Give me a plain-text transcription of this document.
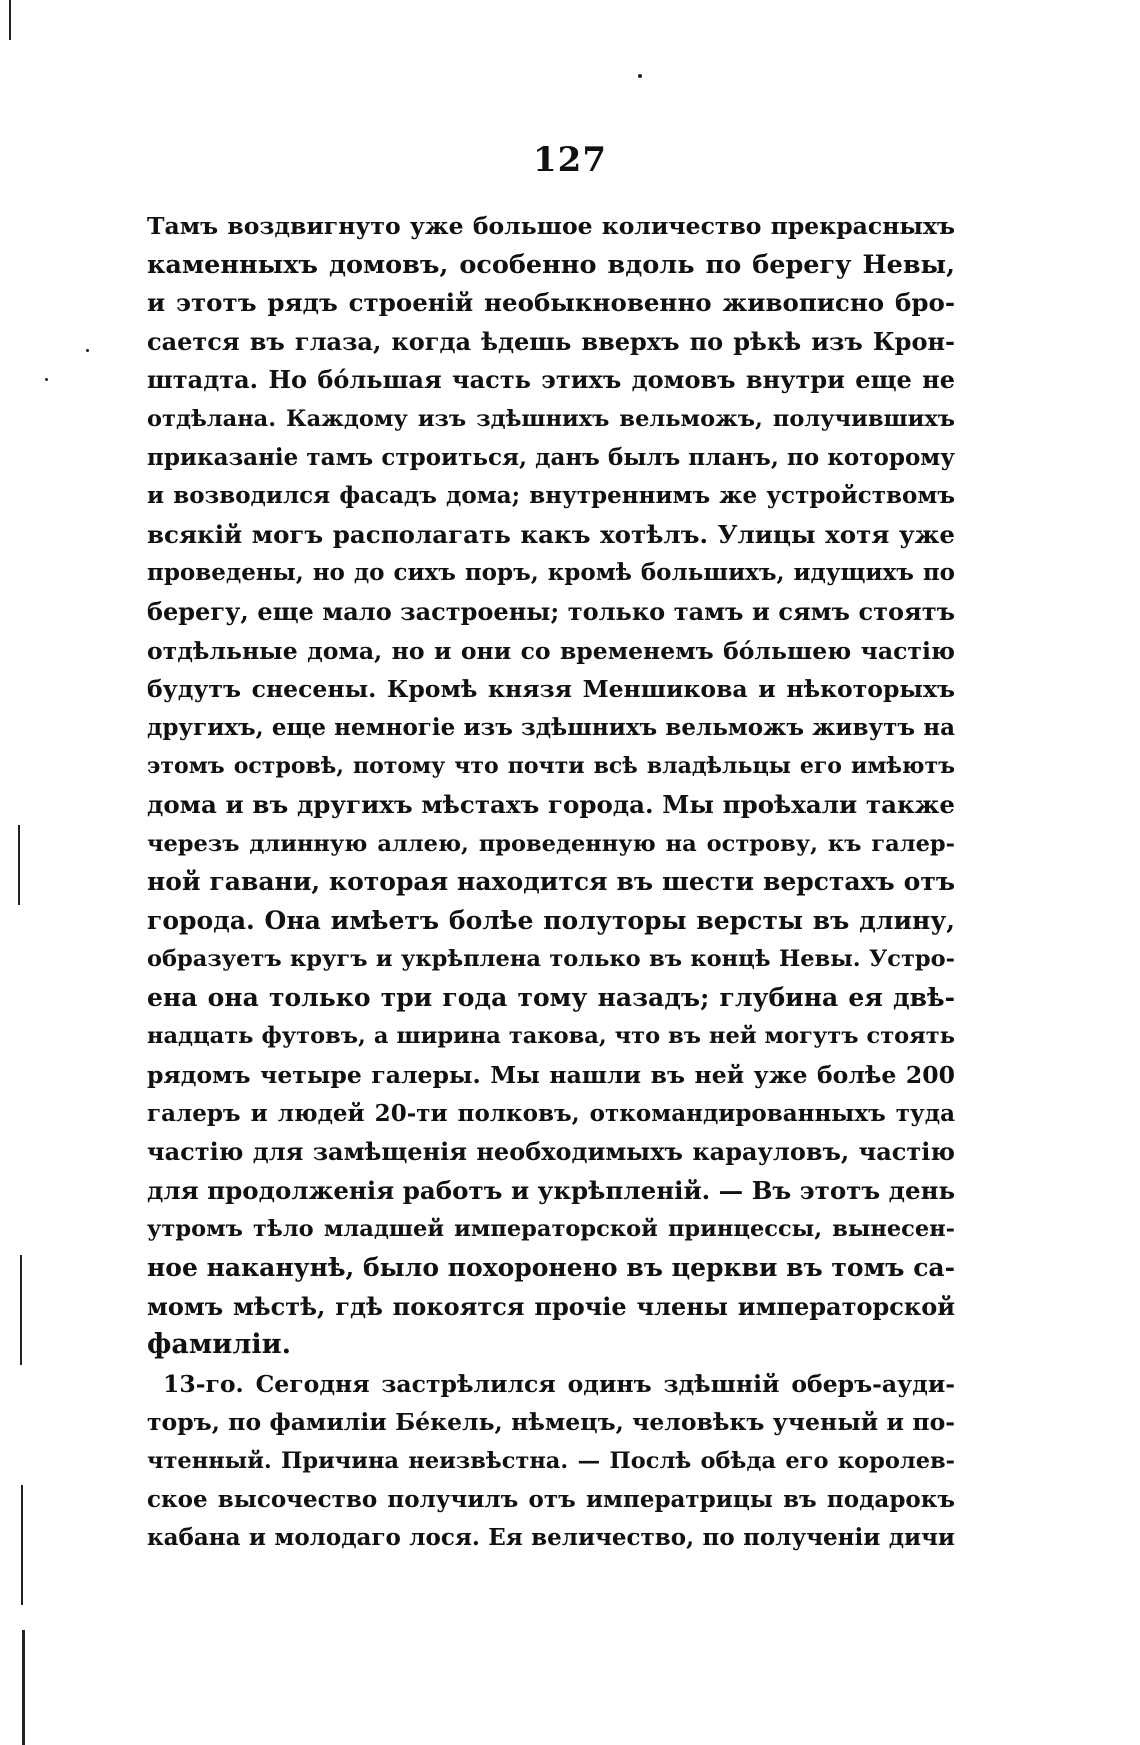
127
Тамъ воздвигнуто уже большое количество прекрасныхъ
каменныхъ домовъ, особенно вдоль по берегу Невы,
и этотъ рядъ строеній необыкновенно живописно бро-
сается въ глаза, когда ѣдешь вверхъ по рѣкѣ изъ Крон-
штадта. Но бóльшая часть этихъ домовъ внутри еще не
отдѣлана. Каждому изъ здѣшнихъ вельможъ, получившихъ
приказаніе тамъ строиться, данъ былъ планъ, по которому
и возводился фасадъ дома; внутреннимъ же устройствомъ
всякій могъ располагать какъ хотѣлъ. Улицы хотя уже
проведены, но до сихъ поръ, кромѣ большихъ, идущихъ по
берегу, еще мало застроены; только тамъ и сямъ стоятъ
отдѣльные дома, но и они со временемъ бóльшею частію
будутъ снесены. Кромѣ князя Меншикова и нѣкоторыхъ
другихъ, еще немногіе изъ здѣшнихъ вельможъ живутъ на
этомъ островѣ, потому что почти всѣ владѣльцы его имѣютъ
дома и въ другихъ мѣстахъ города. Мы проѣхали также
черезъ длинную аллею, проведенную на острову, къ галер-
ной гавани, которая находится въ шести верстахъ отъ
города. Она имѣетъ болѣе полуторы версты въ длину,
образуетъ кругъ и укрѣплена только въ концѣ Невы. Устро-
ена она только три года тому назадъ; глубина ея двѣ-
надцать футовъ, а ширина такова, что въ ней могутъ стоять
рядомъ четыре галеры. Мы нашли въ ней уже болѣе 200
галеръ и людей 20-ти полковъ, откомандированныхъ туда
частію для замѣщенія необходимыхъ карауловъ, частію
для продолженія работъ и укрѣпленій. — Въ этотъ день
утромъ тѣло младшей императорской принцессы, вынесен-
ное наканунѣ, было похоронено въ церкви въ томъ са-
момъ мѣстѣ, гдѣ покоятся прочіе члены императорской
фамиліи.
13-го. Сегодня застрѣлился одинъ здѣшній оберъ-ауди-
торъ, по фамиліи Бéкель, нѣмецъ, человѣкъ ученый и по-
чтенный. Причина неизвѣстна. — Послѣ обѣда его королев-
ское высочество получилъ отъ императрицы въ подарокъ
кабана и молодаго лося. Ея величество, по полученіи дичи
